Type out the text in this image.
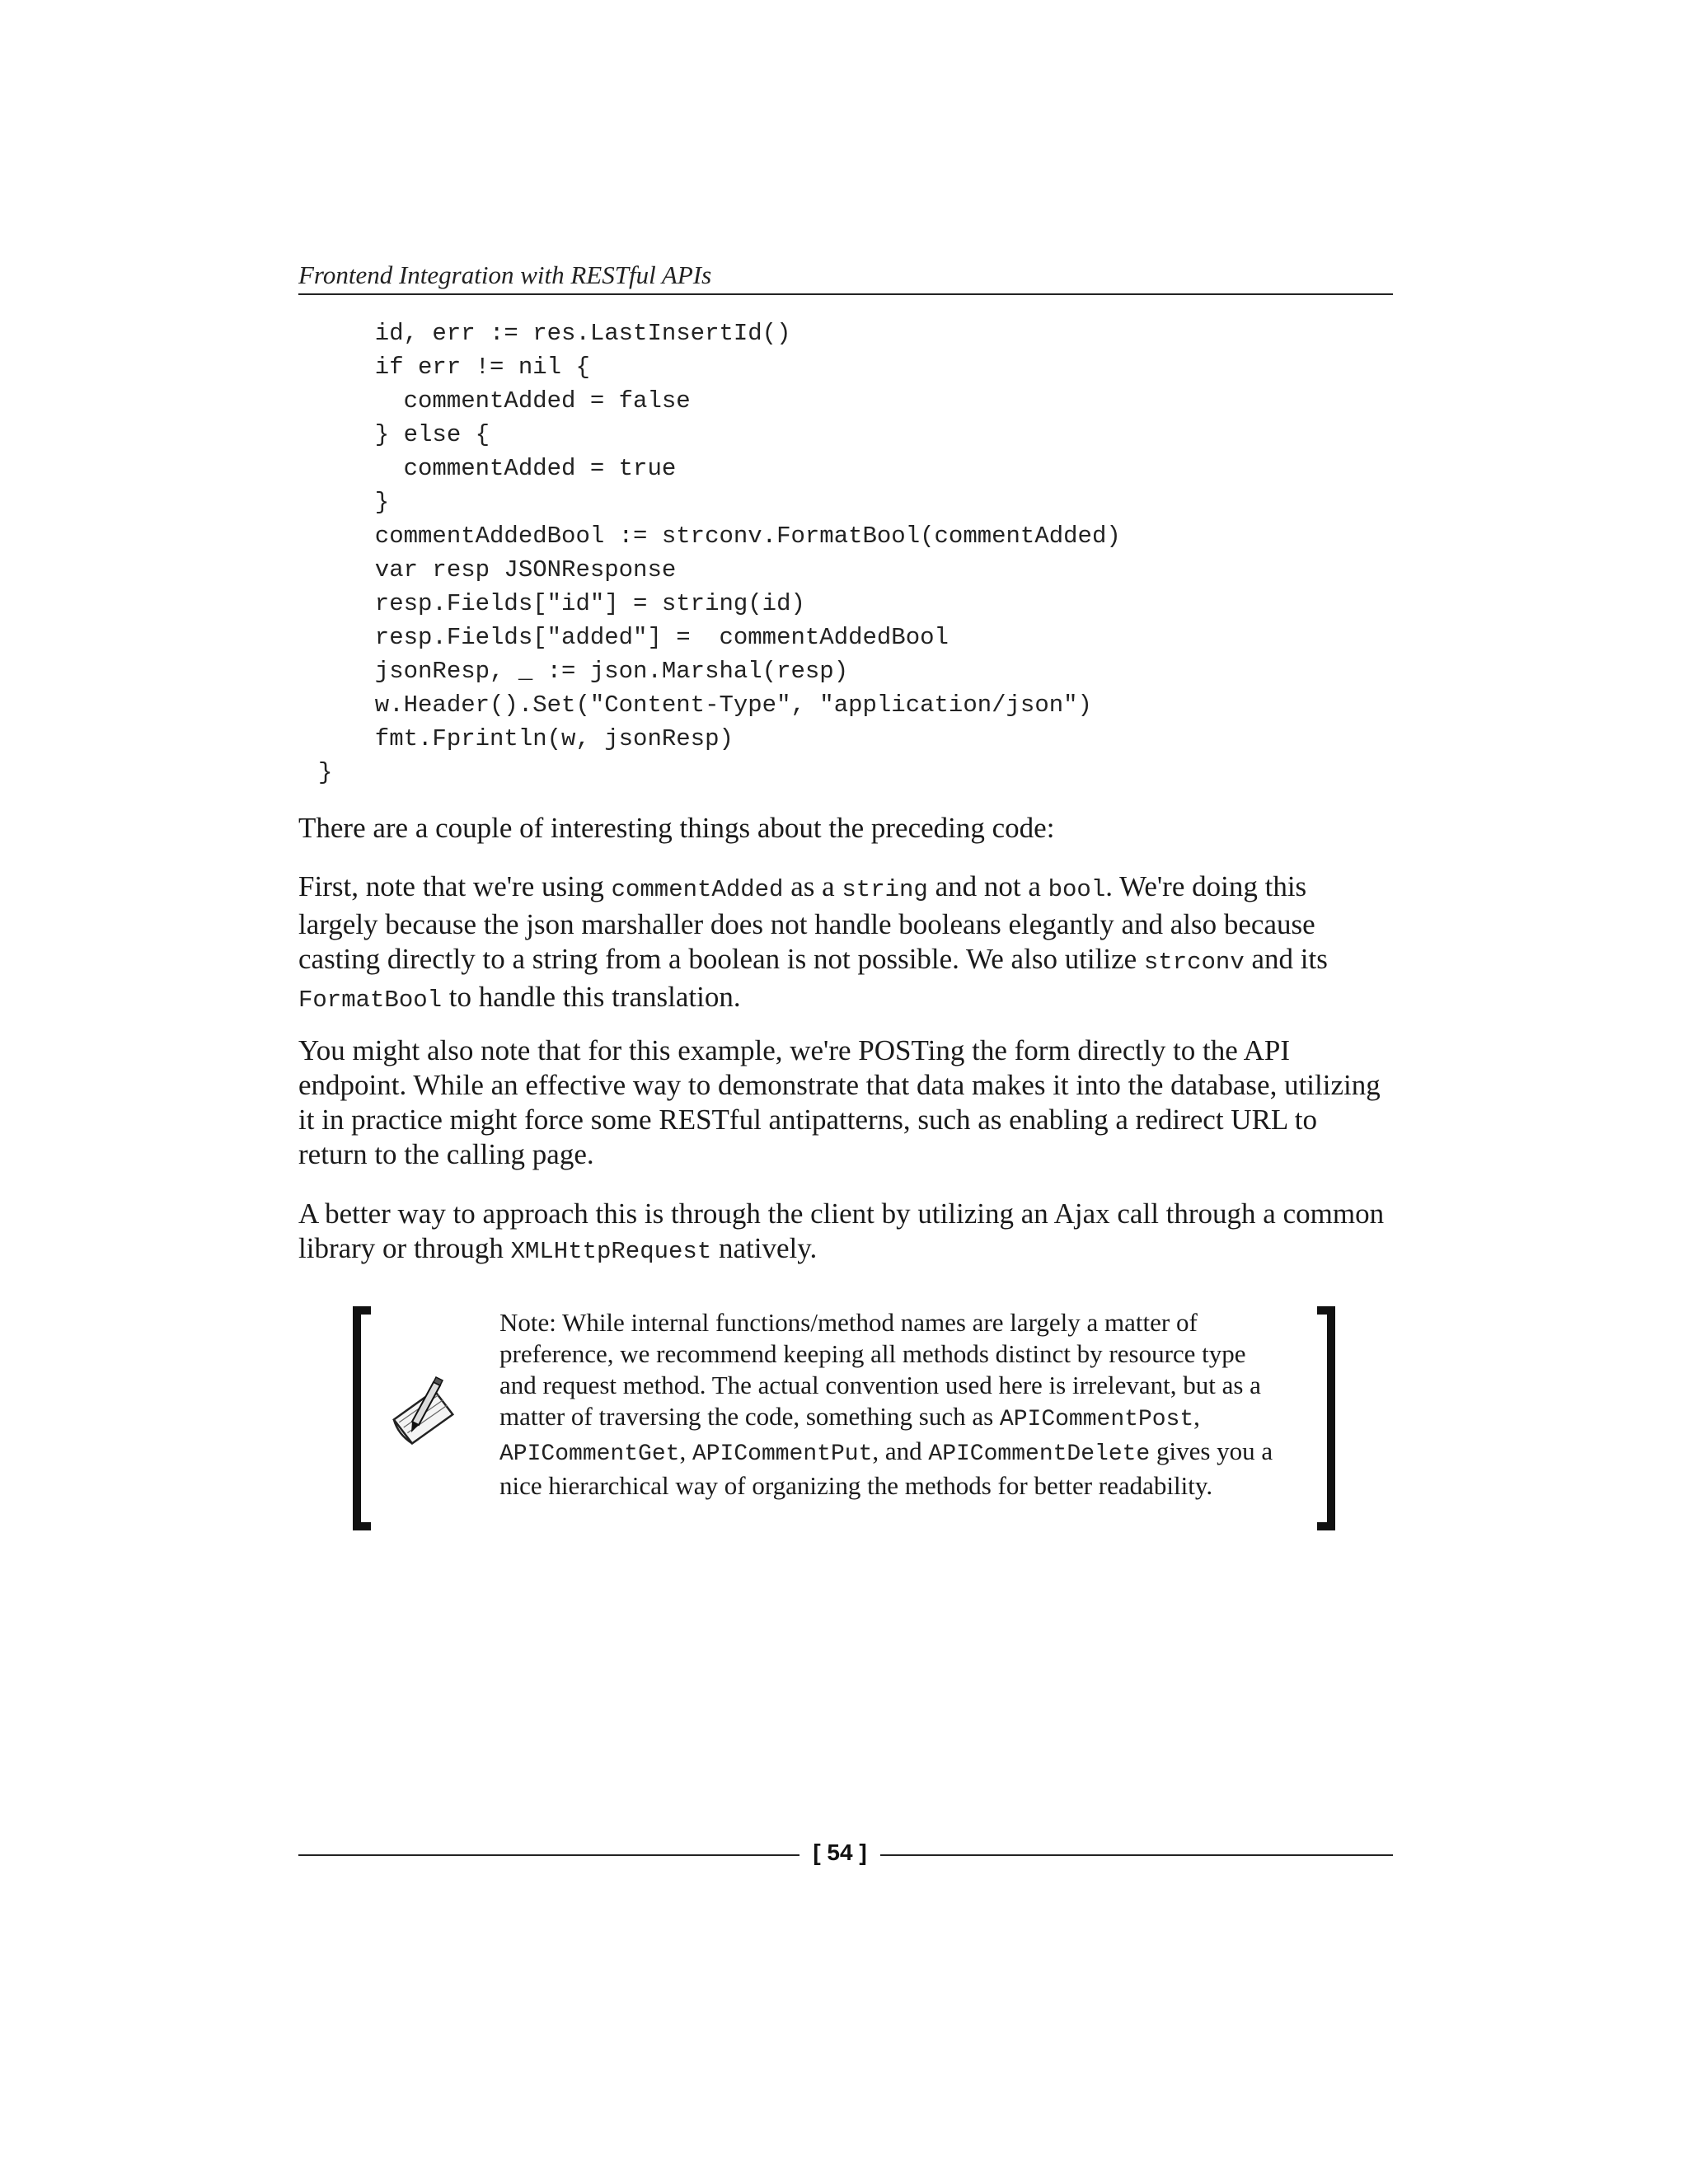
Frontend Integration with RESTful APIs
id, err := res.LastInsertId()
if err != nil {
commentAdded = false
} else {
commentAdded = true
}
commentAddedBool := strconv.FormatBool(commentAdded)
var resp JSONResponse
resp.Fields["id"] = string(id)
resp.Fields["added"] =  commentAddedBool
jsonResp, _ := json.Marshal(resp)
w.Header().Set("Content-Type", "application/json")
fmt.Fprintln(w, jsonResp)
}

There are a couple of interesting things about the preceding code:

First, note that we're using commentAdded as a string and not a bool. We're doing this largely because the json marshaller does not handle booleans elegantly and also because casting directly to a string from a boolean is not possible. We also utilize strconv and its FormatBool to handle this translation.

You might also note that for this example, we're POSTing the form directly to the API endpoint. While an effective way to demonstrate that data makes it into the database, utilizing it in practice might force some RESTful antipatterns, such as enabling a redirect URL to return to the calling page.

A better way to approach this is through the client by utilizing an Ajax call through a common library or through XMLHttpRequest natively.

Note: While internal functions/method names are largely a matter of preference, we recommend keeping all methods distinct by resource type and request method. The actual convention used here is irrelevant, but as a matter of traversing the code, something such as APICommentPost, APICommentGet, APICommentPut, and APICommentDelete gives you a nice hierarchical way of organizing the methods for better readability.

[ 54 ]
